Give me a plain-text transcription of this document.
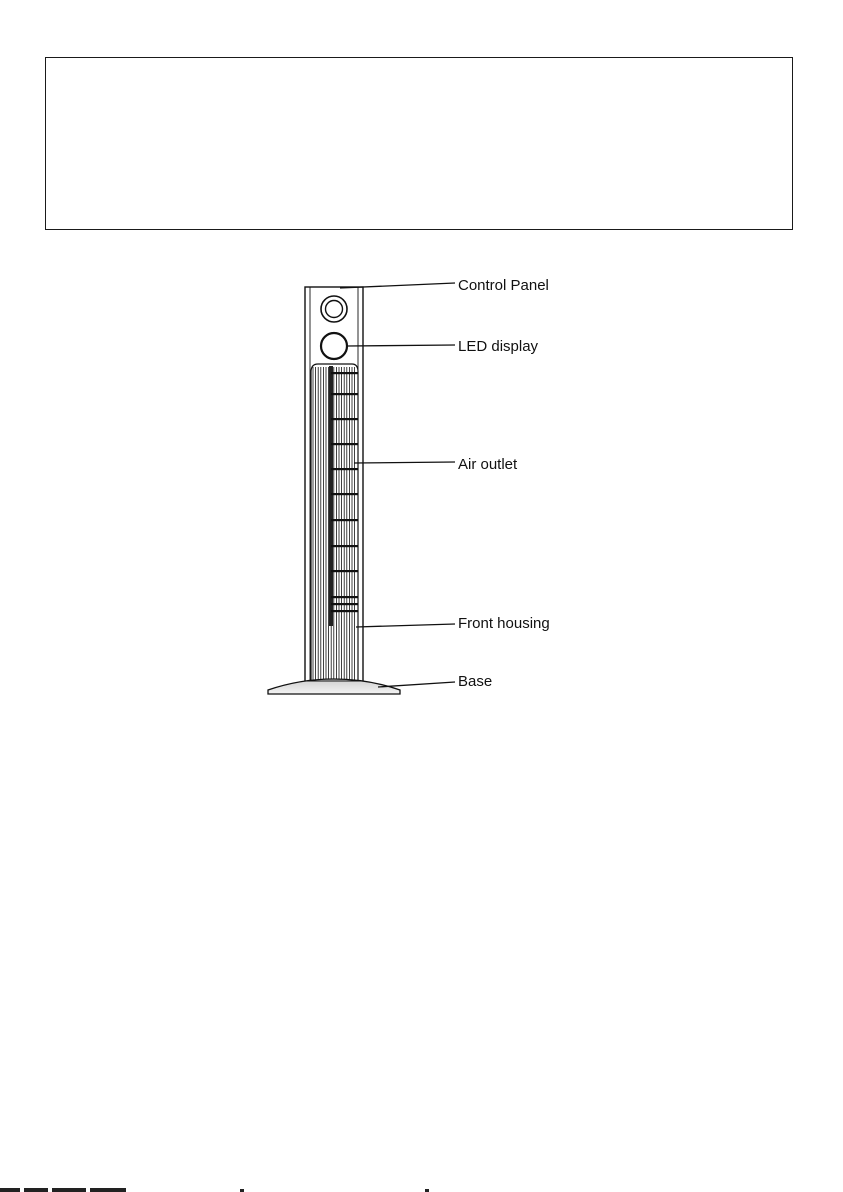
Control Panel
LED display
Air outlet
Front housing
Base
